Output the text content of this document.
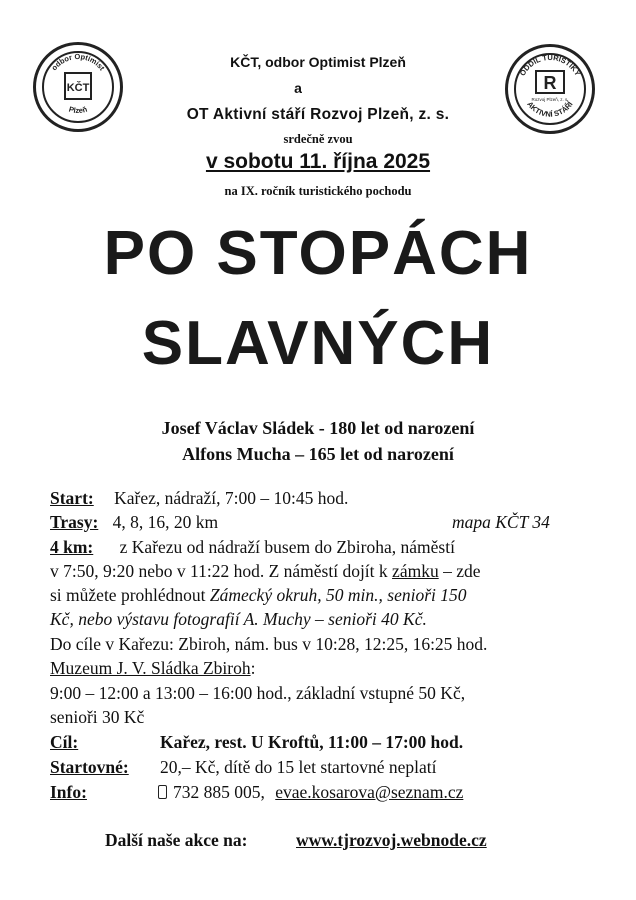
odbor Optimist
Plzeň
KČT
ODDÍL TURISTIKY
AKTIVNÍ STÁŘÍ
R
Rozvoj Plzeň, z. s.
KČT, odbor Optimist Plzeň
a
OT Aktivní stáří Rozvoj Plzeň, z. s.
srdečně zvou
v sobotu 11. října 2025
na IX. ročník turistického pochodu
PO STOPÁCH
SLAVNÝCH
Josef Václav Sládek - 180 let od narození
Alfons Mucha – 165 let od narození
Start: Kařez, nádraží, 7:00 – 10:45 hod.
Trasy: 4, 8, 16, 20 km	mapa KČT 34
4 km: z Kařezu od nádraží busem do Zbiroha, náměstí
v 7:50, 9:20 nebo v 11:22 hod. Z náměstí dojít k zámku – zde
si můžete prohlédnout Zámecký okruh, 50 min., senioři 150
Kč, nebo výstavu fotografií A. Muchy – senioři 40 Kč.
Do cíle v Kařezu: Zbiroh, nám. bus v 10:28, 12:25, 16:25 hod.
Muzeum J. V. Sládka Zbiroh:
9:00 – 12:00 a 13:00 – 16:00 hod., základní vstupné 50 Kč,
senioři 30 Kč
Cíl:	Kařez, rest. U Kroftů, 11:00 – 17:00 hod.
Startovné: 20,– Kč, dítě do 15 let startovné neplatí
Info:	732 885 005, evae.kosarova@seznam.cz
Další naše akce na:	www.tjrozvoj.webnode.cz
